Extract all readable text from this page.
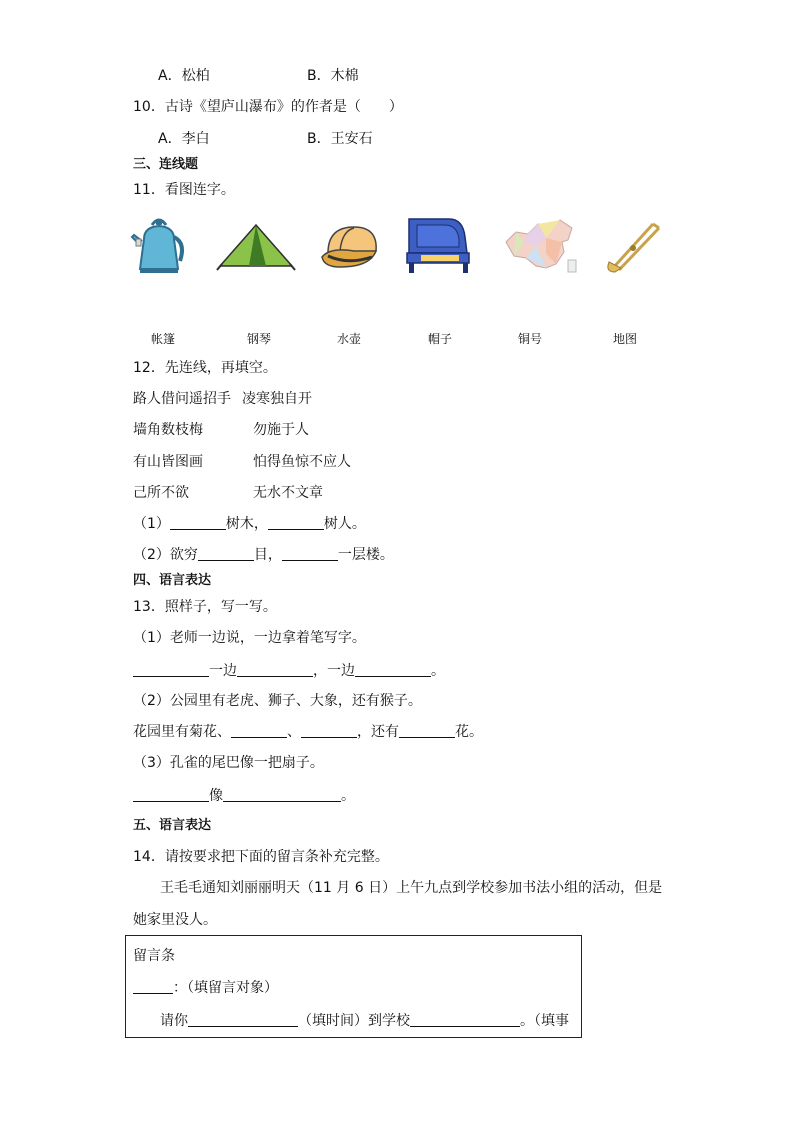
A．松柏	B．木棉
10．古诗《望庐山瀑布》的作者是（　　）
A．李白	B．王安石
三、连线题
11．看图连字。
帐篷	钢琴	水壶	帽子	铜号	地图
12．先连线，再填空。
路人借问遥招手 凌寒独自开
墙角数枝梅	勿施于人
有山皆图画	怕得鱼惊不应人
己所不欲	无水不文章
（1）	树木，	树人。
（2）欲穷	目，	一层楼。
四、语言表达
13．照样子，写一写。
（1）老师一边说，一边拿着笔写字。
一边	，一边	。
（2）公园里有老虎、狮子、大象，还有猴子。
花园里有菊花、	、	，还有	花。
（3）孔雀的尾巴像一把扇子。
像	。
五、语言表达
14．请按要求把下面的留言条补充完整。
王毛毛通知刘丽丽明天（11 月 6 日）上午九点到学校参加书法小组的活动，但是
她家里没人。
留言条
：（填留言对象）
请你	（填时间）到学校	。（填事
